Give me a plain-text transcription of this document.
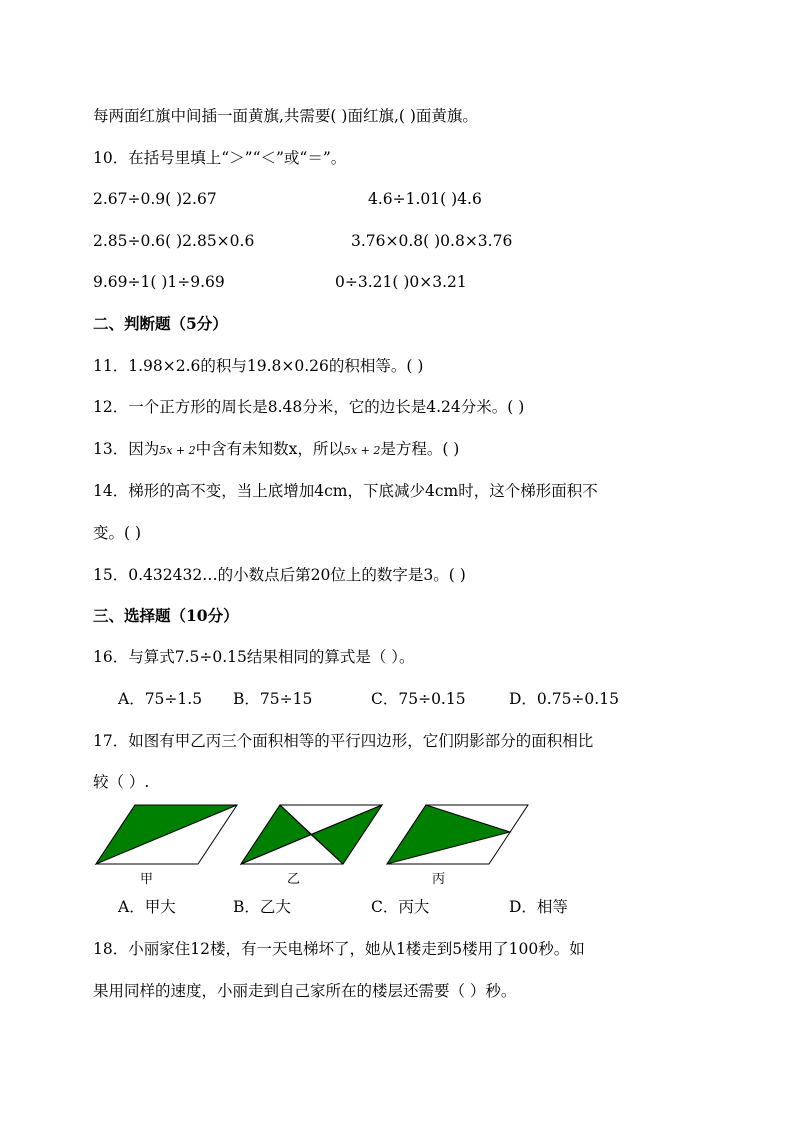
每两面红旗中间插一面黄旗,共需要( )面红旗,( )面黄旗。
10．在括号里填上“＞”“＜”或“＝”。
2.67÷0.9( )2.67	4.6÷1.01( )4.6
2.85÷0.6( )2.85×0.6	3.76×0.8( )0.8×3.76
9.69÷1( )1÷9.69	0÷3.21( )0×3.21
二、判断题（5分）
11．1.98×2.6的积与19.8×0.26的积相等。( )
12．一个正方形的周长是8.48分米，它的边长是4.24分米。( )
13．因为5x + 2中含有未知数x，所以5x + 2是方程。( )
14．梯形的高不变，当上底增加4cm，下底减少4cm时，这个梯形面积不
变。( )
15．0.432432…的小数点后第20位上的数字是3。( )
三、选择题（10分）
16．与算式7.5÷0.15结果相同的算式是（ ）。
A．75÷1.5 B．75÷15	C．75÷0.15	D．0.75÷0.15
17．如图有甲乙丙三个面积相等的平行四边形，它们阴影部分的面积相比
较（ ）.
甲	乙	丙
A．甲大	B．乙大	C．丙大	D．相等
18．小丽家住12楼，有一天电梯坏了，她从1楼走到5楼用了100秒。如
果用同样的速度，小丽走到自己家所在的楼层还需要（ ）秒。
